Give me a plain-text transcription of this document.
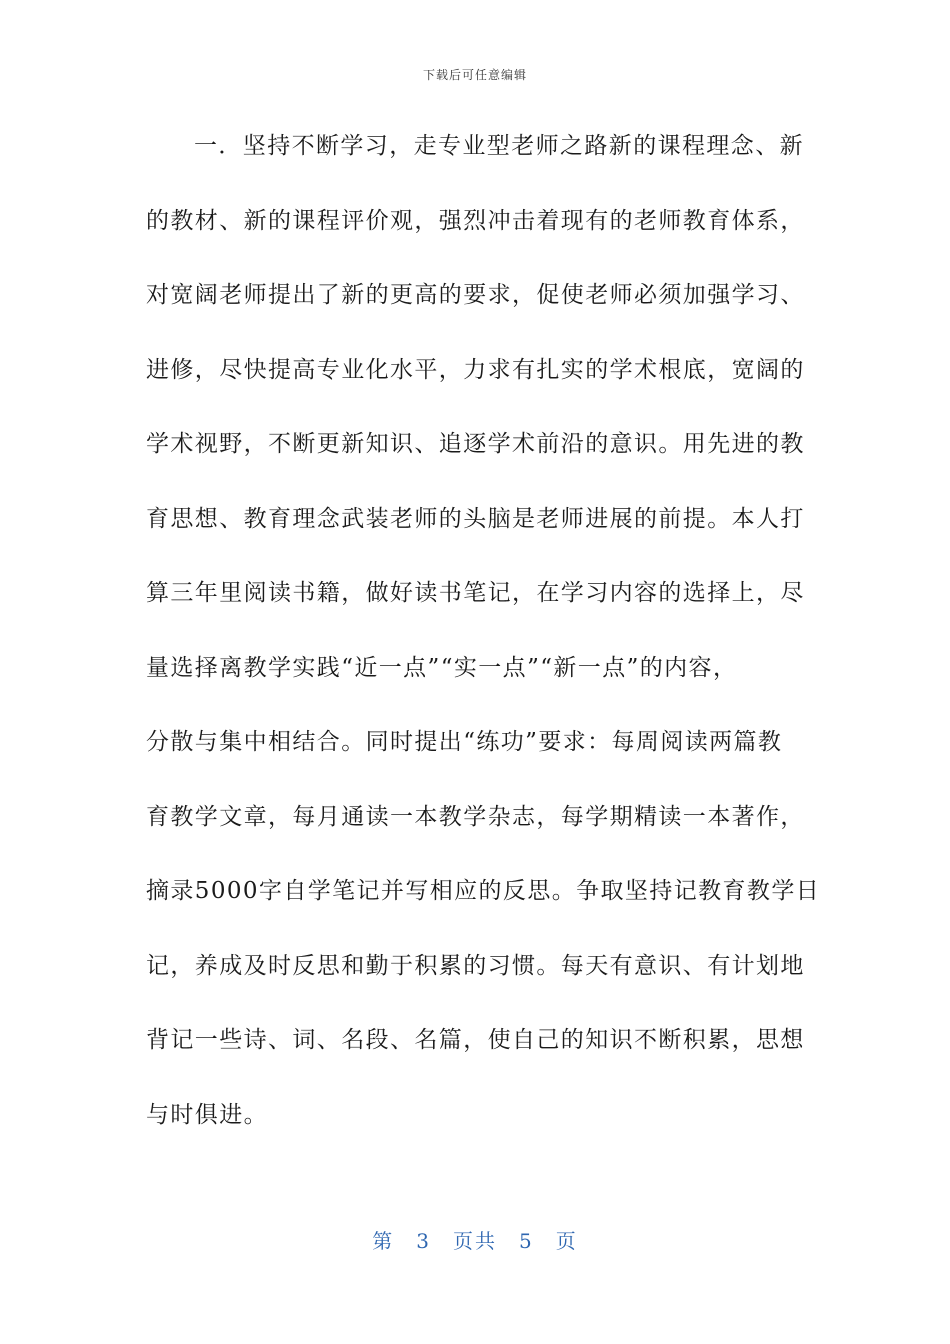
下载后可任意编辑
一．坚持不断学习，走专业型老师之路新的课程理念、新
的教材、新的课程评价观，强烈冲击着现有的老师教育体系，
对宽阔老师提出了新的更高的要求，促使老师必须加强学习、
进修，尽快提高专业化水平，力求有扎实的学术根底，宽阔的
学术视野，不断更新知识、追逐学术前沿的意识。用先进的教
育思想、教育理念武装老师的头脑是老师进展的前提。本人打
算三年里阅读书籍，做好读书笔记，在学习内容的选择上，尽
量选择离教学实践“近一点”“实一点”“新一点”的内容，
分散与集中相结合。同时提出“练功”要求：每周阅读两篇教
育教学文章，每月通读一本教学杂志，每学期精读一本著作，
摘录5000字自学笔记并写相应的反思。争取坚持记教育教学日
记，养成及时反思和勤于积累的习惯。每天有意识、有计划地
背记一些诗、词、名段、名篇，使自己的知识不断积累，思想
与时俱进。
第 3 页共 5 页
